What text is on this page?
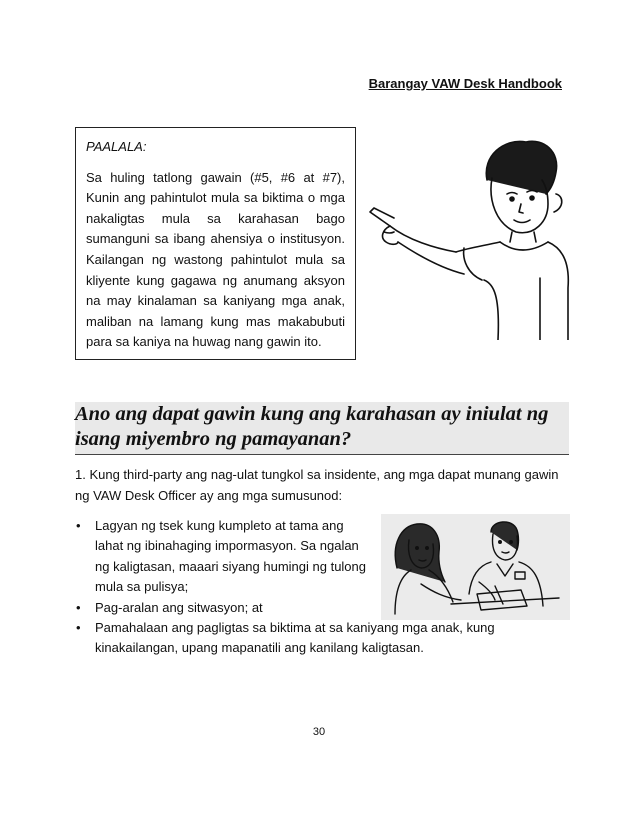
Barangay VAW Desk Handbook

PAALALA:

Sa huling tatlong gawain (#5, #6 at #7), Kunin ang pahintulot mula sa biktima o mga nakaligtas mula sa karahasan bago sumanguni sa ibang ahensiya o institusyon. Kailangan ng wastong pahintulot mula sa kliyente kung gagawa ng anumang aksyon na may kinalaman sa kaniyang mga anak, maliban na lamang kung mas makabubuti para sa kaniya na huwag nang gawin ito.

Ano ang dapat gawin kung ang karahasan ay iniulat ng isang miyembro ng pamayanan?

1. Kung third-party ang nag-ulat tungkol sa insidente, ang mga dapat munang gawin ng VAW Desk Officer ay ang mga sumusunod:

• Lagyan ng tsek kung kumpleto at tama ang lahat ng ibinahaging impormasyon. Sa ngalan ng kaligtasan, maaari siyang humingi ng tulong mula sa pulisya;
• Pag-aralan ang sitwasyon; at
• Pamahalaan ang pagligtas sa biktima at sa kaniyang mga anak, kung kinakailangan, upang mapanatili ang kanilang kaligtasan.
30
